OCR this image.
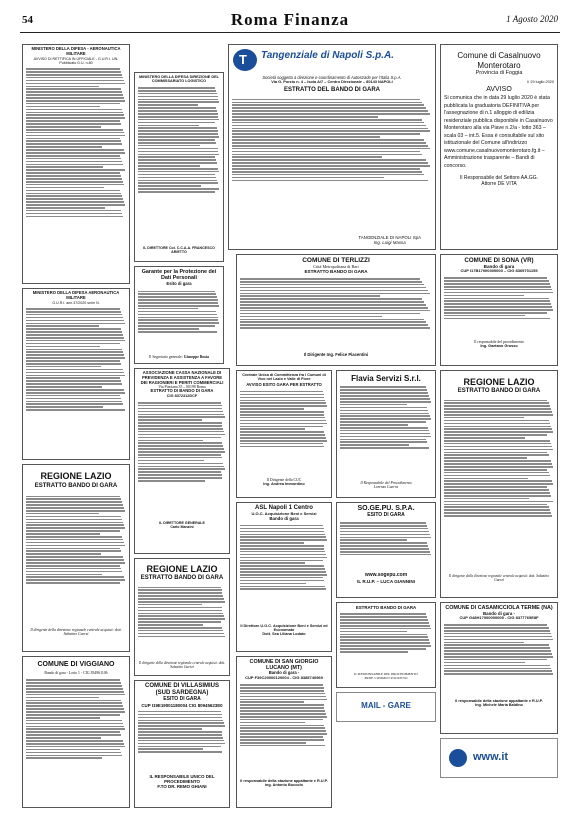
54	Roma Finanza	1 Agosto 2020
MINISTERO DELLA DIFESA - AERONAUTICA MILITARE
AVVISO DI RETTIFICA IN UFFICIALE - G.U.R.I. UN. Pubblicato G.U. n.80
MINISTERO DELLA DIFESA AERONAUTICA MILITARE
G.U.R.I. ann.37/2020 serie N.
REGIONE LAZIO
ESTRATTO BANDO DI GARA
Il dirigente della direzione regionale centrale acquisti: dott. Sabatino Guerzi
COMUNE DI VIGGIANO
Bando di gara - Lotto 1 - CIG 834961106
MINISTERO DELLA DIFESA DIREZIONE DEL COMMISSARIATO LOGISTICO
IL DIRETTORE Col. C.C.A.A. FRANCESCO ARIETTO
Garante per la Protezione dei Dati Personali
Esito di gara
Il Segretario generale: Giuseppe Busia
ASSOCIAZIONE CASSA NAZIONALE DI PREVIDENZA E ASSISTENZA A FAVORE DEI RAGIONIERI E PERITI COMMERCIALI
Via Pinciana 35 – 00198 Roma
ESTRATTO DI BANDO DI GARA
CIG 8372312DCF
IL DIRETTORE GENERALE
Carlo Manzini
REGIONE LAZIO
ESTRATTO BANDO DI GARA
Il dirigente della direzione regionale centrale acquisti: dott. Sabatino Guerzi
COMUNE DI VILLASIMIUS (SUD SARDEGNA)
ESITO DI GARA
CUP I19E19001180004 CIG 80945623E0
IL RESPONSABILE UNICO DEL PROCEDIMENTO
F.TO DR. REMO GHIANI
T Tangenziale di Napoli S.p.A.
Società soggetta a direzione e coordinamento di Autostrade per l'Italia S.p.A.
Via G. Porzio n. 4 – Isola A/7 – Centro Direzionale – 80143 NAPOLI
ESTRATTO DEL BANDO DI GARA
TANGENZIALE DI NAPOLI SpA
Ing. Luigi Massa
COMUNE DI TERLIZZI
Città Metropolitana di Bari
ESTRATTO BANDO DI GARA
Il Dirigente Ing. Felice Piacentini
Centrale Unica di Committenza fra i Comuni di Vico nel Lazio e Valle di Fiore
AVVISO ESITO GARA PER ESTRATTO
Il Dirigente della CUC
Ing. Andrea Immordino
Flavia Servizi S.r.l.
Il Responsabile del Procedimento
Lorenzo Guerra
ASL Napoli 1 Centro
U.O.C. Acquisizione Beni e Servizi
Bando di gara
Il Direttore U.O.C. Acquisizione Beni e Servizi ed Economato
Dott. Sea Liliana Lodato
SO.GE.PU. S.P.A.
ESITO DI GARA
www.sogepu.com
IL R.U.P. – LUCA GIANNINI
ESTRATTO BANDO DI GARA
IL RESPONSABILE DEL PROCEDIMENTO
PROF. COSIMO CUSCIOTTO
COMUNE DI SAN GIORGIO LUCANO (MT)
Bando di gara -
CUP F39C20000120004 - CIG 8385740969
Il responsabile della stazione appaltante e R.U.P.
ing. Antonio Boccolo
MAIL - GARE
Comune di Casalnuovo Monterotaro
Provincia di Foggia
lì 29 luglio 2020
AVVISO
Si comunica che in data 29 luglio 2020 è stata pubblicata la graduatoria DEFINITIVA per l'assegnazione di n.1 alloggio di edilizia residenziale pubblica disponibile in Casalnuovo Monterotaro alla via Piave n.2/a - lotto 363 – scala 03 – int.5. Essa è consultabile sul sito istituzionale del Comune all'indirizzo www.comune.casalnuovomonterotaro.fg.it – Amministrazione trasparente – Bandi di concorso.
Il Responsabile del Settore AA.GG.
Attorre DE VITA
COMUNE DI SONA (VR)
Bando di gara
CUP I17B17000300003 – CIG 8369701155
Il responsabile del procedimento
Ing. Gaetano Grosso
REGIONE LAZIO
ESTRATTO BANDO DI GARA
Il dirigente della direzione regionale centrale acquisti: dott. Sabatino Guerzi
COMUNE DI CASAMICCIOLA TERME (NA)
Bando di gara -
CUP G48H17000000005 - CIG 8377769E8F
Il responsabile della stazione appaltante e R.U.P.
Ing. Michele Maria Baldino
www.it
